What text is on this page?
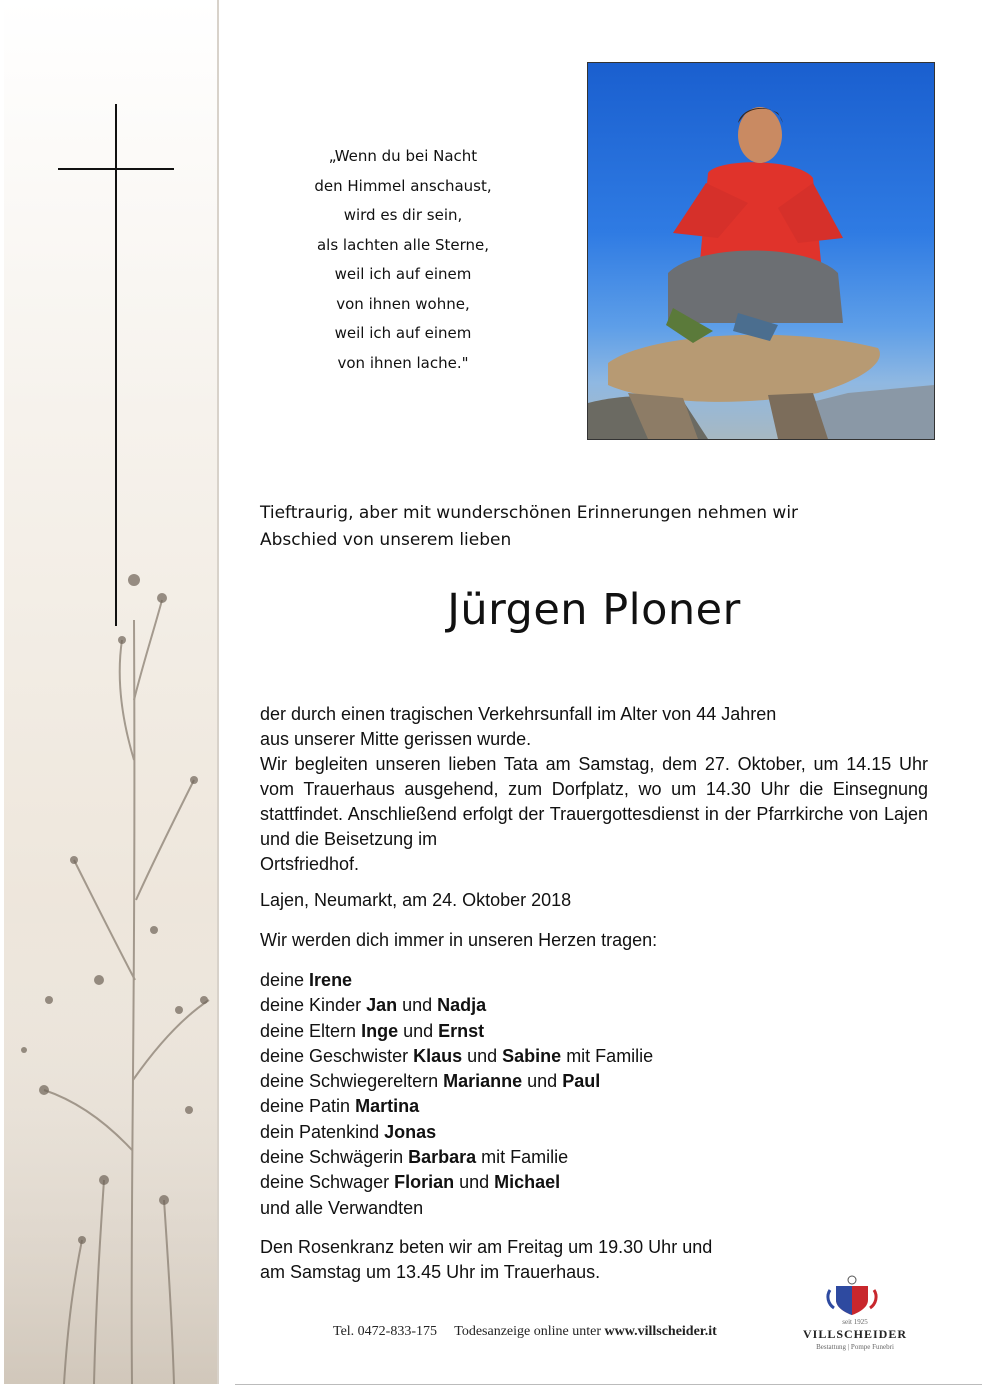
„Wenn du bei Nacht
den Himmel anschaust,
wird es dir sein,
als lachten alle Sterne,
weil ich auf einem
von ihnen wohne,
weil ich auf einem
von ihnen lache."
Tieftraurig, aber mit wunderschönen Erinnerungen nehmen wir
Abschied von unserem lieben
Jürgen Ploner

der durch einen tragischen Verkehrsunfall im Alter von 44 Jahren

aus unserer Mitte gerissen wurde.

Wir begleiten unseren lieben Tata am Samstag, dem 27. Oktober, um 14.15 Uhr vom Trauerhaus ausgehend, zum Dorfplatz, wo um 14.30 Uhr die Einsegnung stattfindet. Anschließend erfolgt der Trauergottesdienst in der Pfarrkirche von Lajen und die Beisetzung im

Ortsfriedhof.

Lajen, Neumarkt, am 24. Oktober 2018
Wir werden dich immer in unseren Herzen tragen:
deine Irene
deine Kinder Jan und Nadja
deine Eltern Inge und Ernst
deine Geschwister Klaus und Sabine mit Familie
deine Schwiegereltern Marianne und Paul
deine Patin Martina
dein Patenkind Jonas
deine Schwägerin Barbara mit Familie
deine Schwager Florian und Michael
und alle Verwandten
Den Rosenkranz beten wir am Freitag um 19.30 Uhr und
am Samstag um 13.45 Uhr im Trauerhaus.
Tel. 0472-833-175 Todesanzeige online unter www.villscheider.it
seit 1925
VILLSCHEIDER
Bestattung | Pompe Funebri
